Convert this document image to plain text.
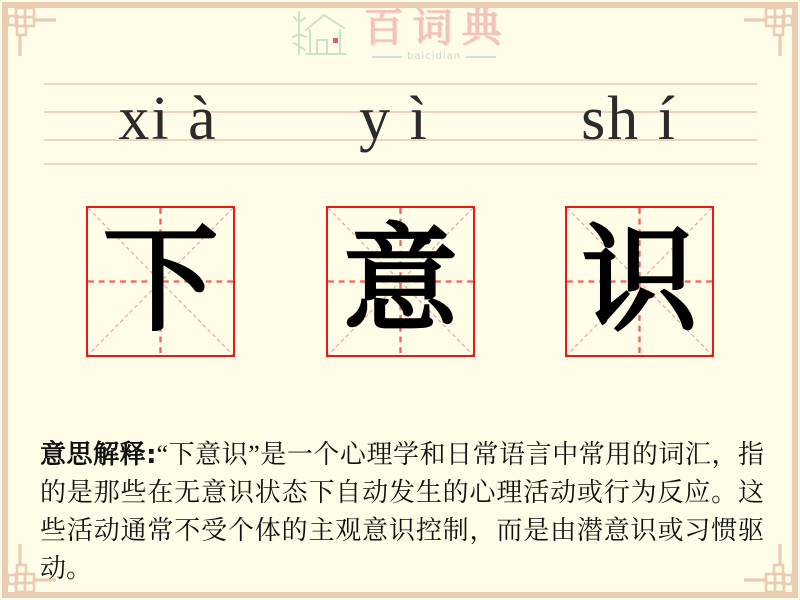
百词典
baicidian
xi à y ì sh í
下 意 识

意思解释:“下意识”是一个心理学和日常语言中常用的词汇，指的是那些在无意识状态下自动发生的心理活动或行为反应。这些活动通常不受个体的主观意识控制，而是由潜意识或习惯驱动。
